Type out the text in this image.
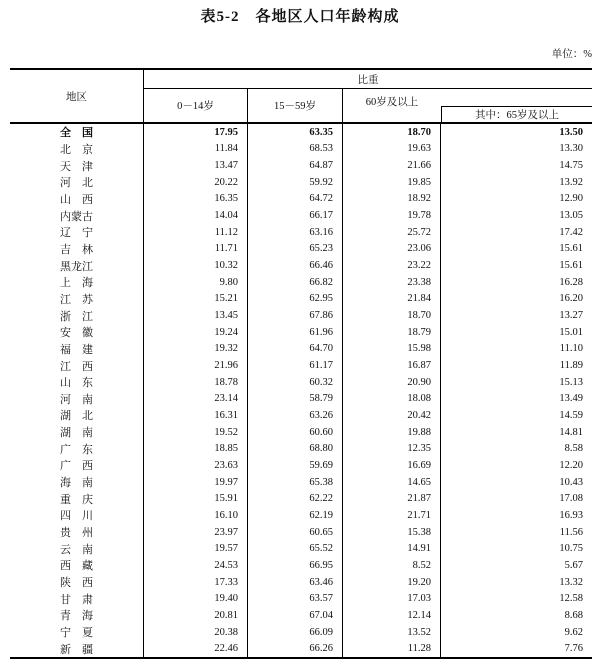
表5-2　各地区人口年龄构成
单位：%
地区
比重
0－14岁	15－59岁	60岁及以上
其中：65岁及以上
全　国	17.95	63.35	18.70	13.50
北　京	11.84	68.53	19.63	13.30
天　津	13.47	64.87	21.66	14.75
河　北	20.22	59.92	19.85	13.92
山　西	16.35	64.72	18.92	12.90
内蒙古	14.04	66.17	19.78	13.05
辽　宁	11.12	63.16	25.72	17.42
吉　林	11.71	65.23	23.06	15.61
黑龙江	10.32	66.46	23.22	15.61
上　海	9.80	66.82	23.38	16.28
江　苏	15.21	62.95	21.84	16.20
浙　江	13.45	67.86	18.70	13.27
安　徽	19.24	61.96	18.79	15.01
福　建	19.32	64.70	15.98	11.10
江　西	21.96	61.17	16.87	11.89
山　东	18.78	60.32	20.90	15.13
河　南	23.14	58.79	18.08	13.49
湖　北	16.31	63.26	20.42	14.59
湖　南	19.52	60.60	19.88	14.81
广　东	18.85	68.80	12.35	8.58
广　西	23.63	59.69	16.69	12.20
海　南	19.97	65.38	14.65	10.43
重　庆	15.91	62.22	21.87	17.08
四　川	16.10	62.19	21.71	16.93
贵　州	23.97	60.65	15.38	11.56
云　南	19.57	65.52	14.91	10.75
西　藏	24.53	66.95	8.52	5.67
陕　西	17.33	63.46	19.20	13.32
甘　肃	19.40	63.57	17.03	12.58
青　海	20.81	67.04	12.14	8.68
宁　夏	20.38	66.09	13.52	9.62
新　疆	22.46	66.26	11.28	7.76
